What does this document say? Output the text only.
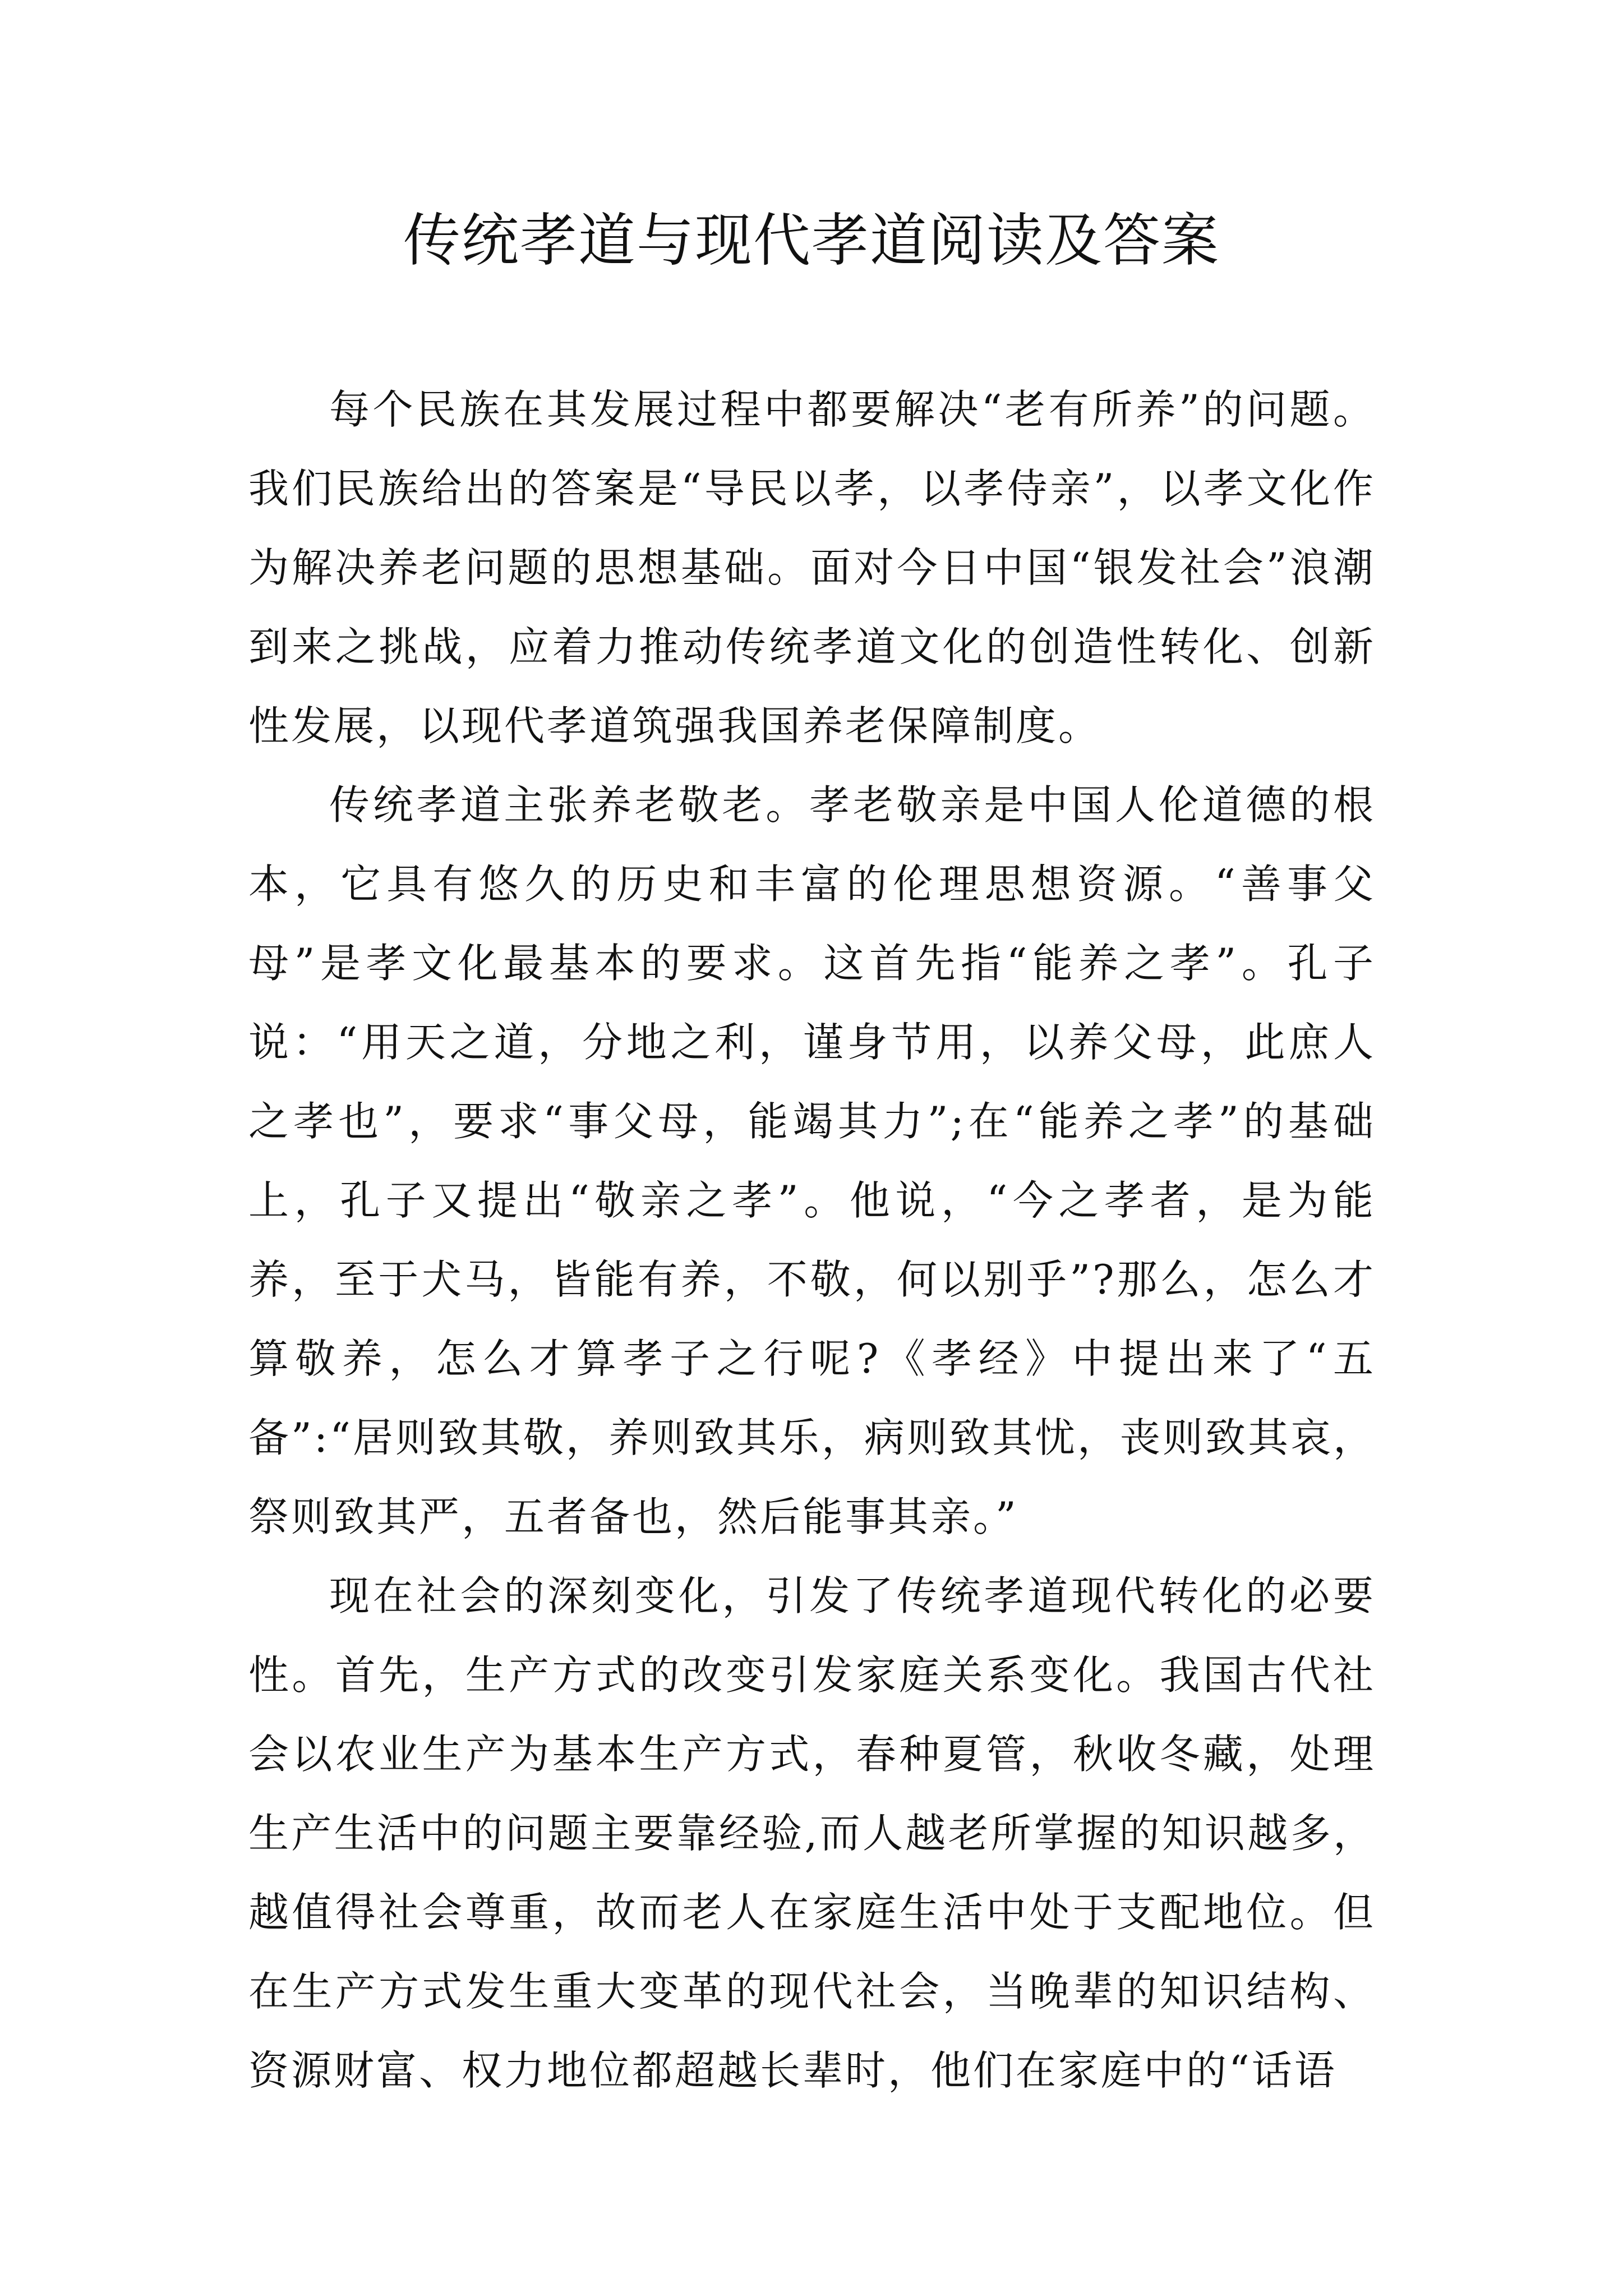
传统孝道与现代孝道阅读及答案

每个民族在其发展过程中都要解决“老有所养”的问题。我们民族给出的答案是“导民以孝，以孝侍亲”，以孝文化作为解决养老问题的思想基础。面对今日中国“银发社会”浪潮到来之挑战，应着力推动传统孝道文化的创造性转化、创新性发展，以现代孝道筑强我国养老保障制度。

传统孝道主张养老敬老。孝老敬亲是中国人伦道德的根本，它具有悠久的历史和丰富的伦理思想资源。“善事父母”是孝文化最基本的要求。这首先指“能养之孝”。孔子说：“用天之道，分地之利，谨身节用，以养父母，此庶人之孝也”，要求“事父母，能竭其力”;在“能养之孝”的基础上，孔子又提出“敬亲之孝”。他说，“今之孝者，是为能养，至于犬马，皆能有养，不敬，何以别乎”?那么，怎么才算敬养，怎么才算孝子之行呢?《孝经》中提出来了“五备”:“居则致其敬，养则致其乐，病则致其忧，丧则致其哀，祭则致其严，五者备也，然后能事其亲。”

现在社会的深刻变化，引发了传统孝道现代转化的必要性。首先，生产方式的改变引发家庭关系变化。我国古代社会以农业生产为基本生产方式，春种夏管，秋收冬藏，处理生产生活中的问题主要靠经验,而人越老所掌握的知识越多，越值得社会尊重，故而老人在家庭生活中处于支配地位。但在生产方式发生重大变革的现代社会，当晚辈的知识结构、资源财富、权力地位都超越长辈时，他们在家庭中的“话语
